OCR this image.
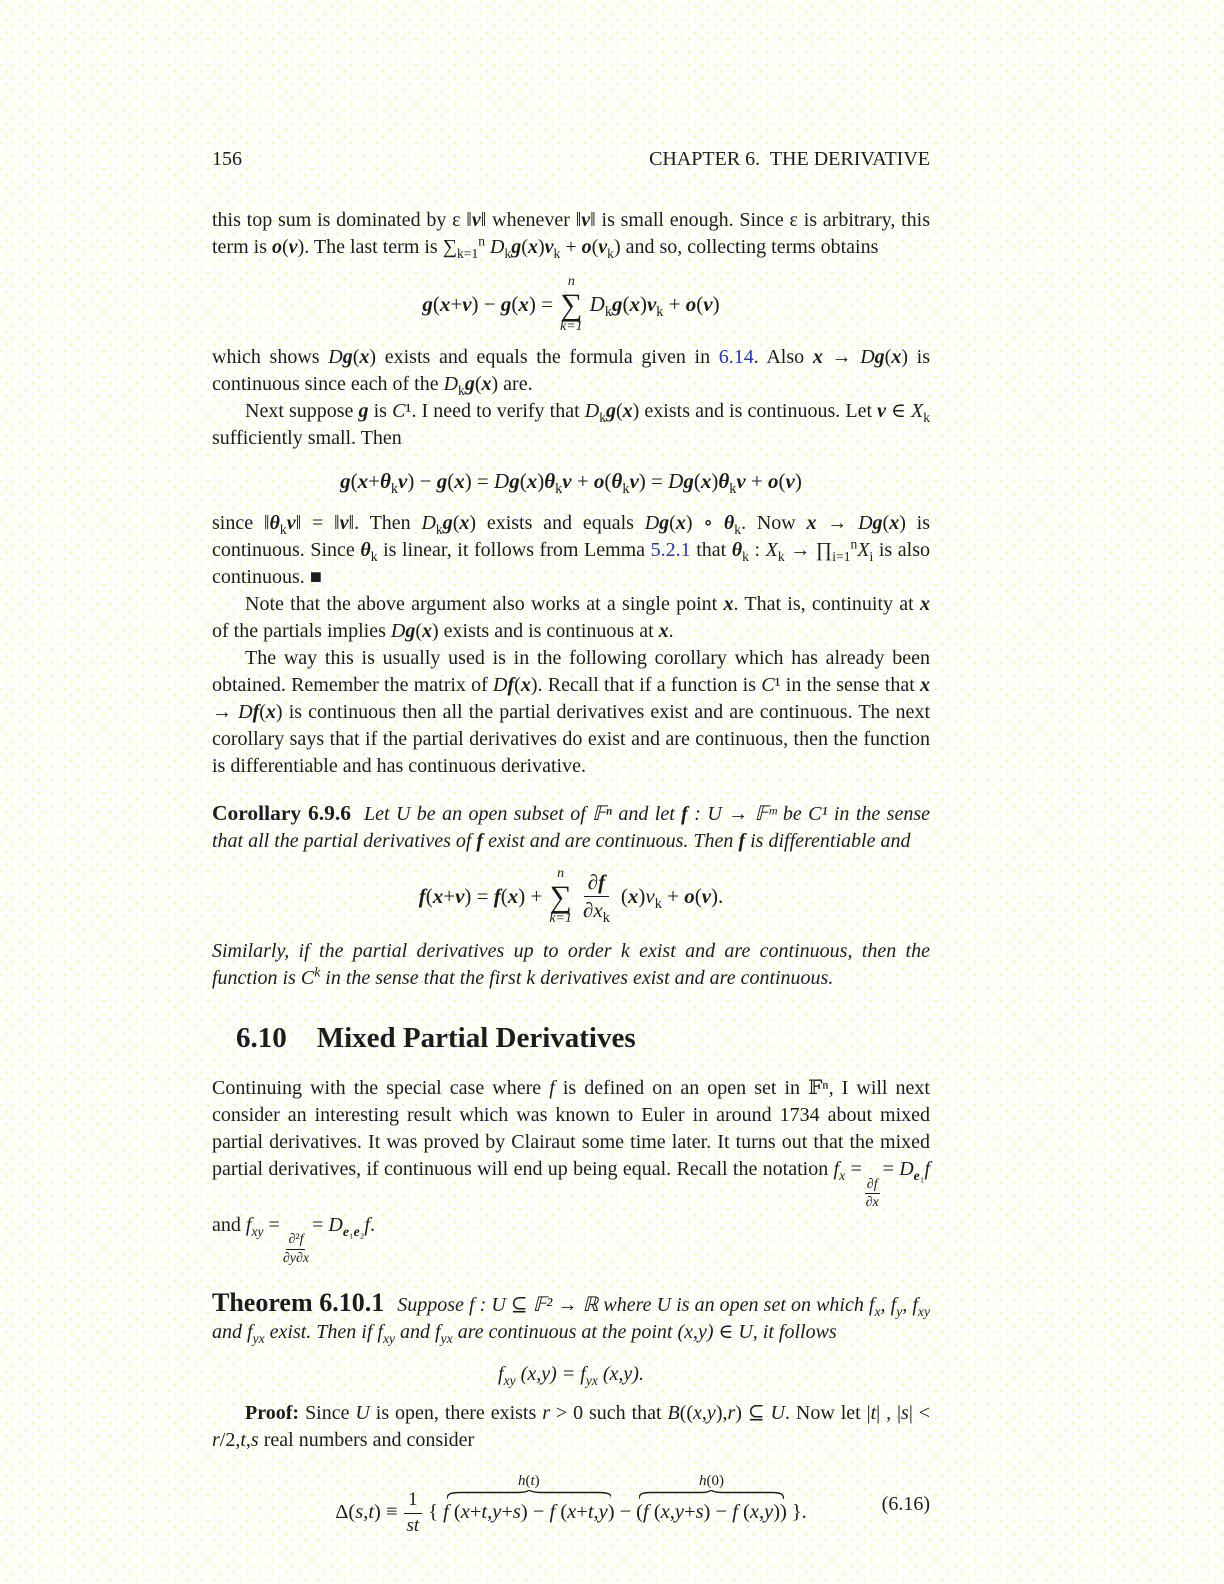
156	CHAPTER 6.  THE DERIVATIVE

this top sum is dominated by ε ‖v‖ whenever ‖v‖ is small enough. Since ε is arbitrary, this term is o(v). The last term is $\sum_{k=1}^n$ $D_kg(x)v_k + o(v_k)$ and so, collecting terms obtains

g(x+v) − g(x) =
n
∑
k=1
$D_kg(x)v_k + o(v)$

which shows Dg(x) exists and equals the formula given in 6.14. Also x → Dg(x) is continuous since each of the $D_kg(x)$ are.

Next suppose g is C¹. I need to verify that $D_kg(x)$ exists and is continuous. Let v ∈ $X_k$ sufficiently small. Then

$g(x+\theta_kv) - g(x) = Dg(x)\theta_kv + o(\theta_kv) = Dg(x)\theta_kv + o(v)$

since $‖\theta_kv‖$ = ‖v‖. Then $D_kg(x)$ exists and equals Dg(x) ∘ $\theta_k$. Now x → Dg(x) is continuous. Since $\theta_k$ is linear, it follows from Lemma 5.2.1 that $\theta_k$ : $X_k$ → $\prod_{i=1}^nX_i$ is also continuous. ■

Note that the above argument also works at a single point x. That is, continuity at x of the partials implies Dg(x) exists and is continuous at x.

The way this is usually used is in the following corollary which has already been obtained. Remember the matrix of Df(x). Recall that if a function is C¹ in the sense that x → Df(x) is continuous then all the partial derivatives exist and are continuous. The next corollary says that if the partial derivatives do exist and are continuous, then the function is differentiable and has continuous derivative.

Corollary 6.9.6 Let U be an open subset of 𝔽ⁿ and let f : U → 𝔽ᵐ be C¹ in the sense that all the partial derivatives of f exist and are continuous. Then f is differentiable and

f(x+v) = f(x) +
n
∑
$k=1 \frac{\partial f}{\partial x_k} (x)v_k + o(v)$.

Similarly, if the partial derivatives up to order k exist and are continuous, then the function is $C^k$ in the sense that the first k derivatives exist and are continuous.

6.10 Mixed Partial Derivatives

Continuing with the special case where f is defined on an open set in 𝔽ⁿ, I will next consider an interesting result which was known to Euler in around 1734 about mixed partial derivatives. It was proved by Clairaut some time later. It turns out that the mixed partial derivatives, if continuous will end up being equal. Recall the notation $f_x$ =
$\frac{\partial f}{\partial x}$
= $D_{e_1}f$ and $f_{xy}$ =
$\frac{\text{∂²f}}{\partial y\partial x}$
= $D_{e_1e_2}f$.

Theorem 6.10.1 Suppose f : U ⊆ 𝔽² → ℝ where U is an open set on which $f_x$, $f_y$, $f_{xy}$ and $f_{yx}$ exist. Then if $f_{xy}$ and $f_{yx}$ are continuous at the point (x,y) ∈ U, it follows

$f_{xy}$ $(x,y) = f_{yx}$ (x,y).

Proof: Since U is open, there exists r > 0 such that B((x,y),r) ⊆ U. Now let |t| , |s| < r/2,t,s real numbers and consider

$\Delta(s,t) \equiv \frac{1}{st}$ {
h(t)
f (x+t,y+s) − f (x+t,y) −
h(0)
(f (x,y+s) − f (x,y)) }.	(6.16)
